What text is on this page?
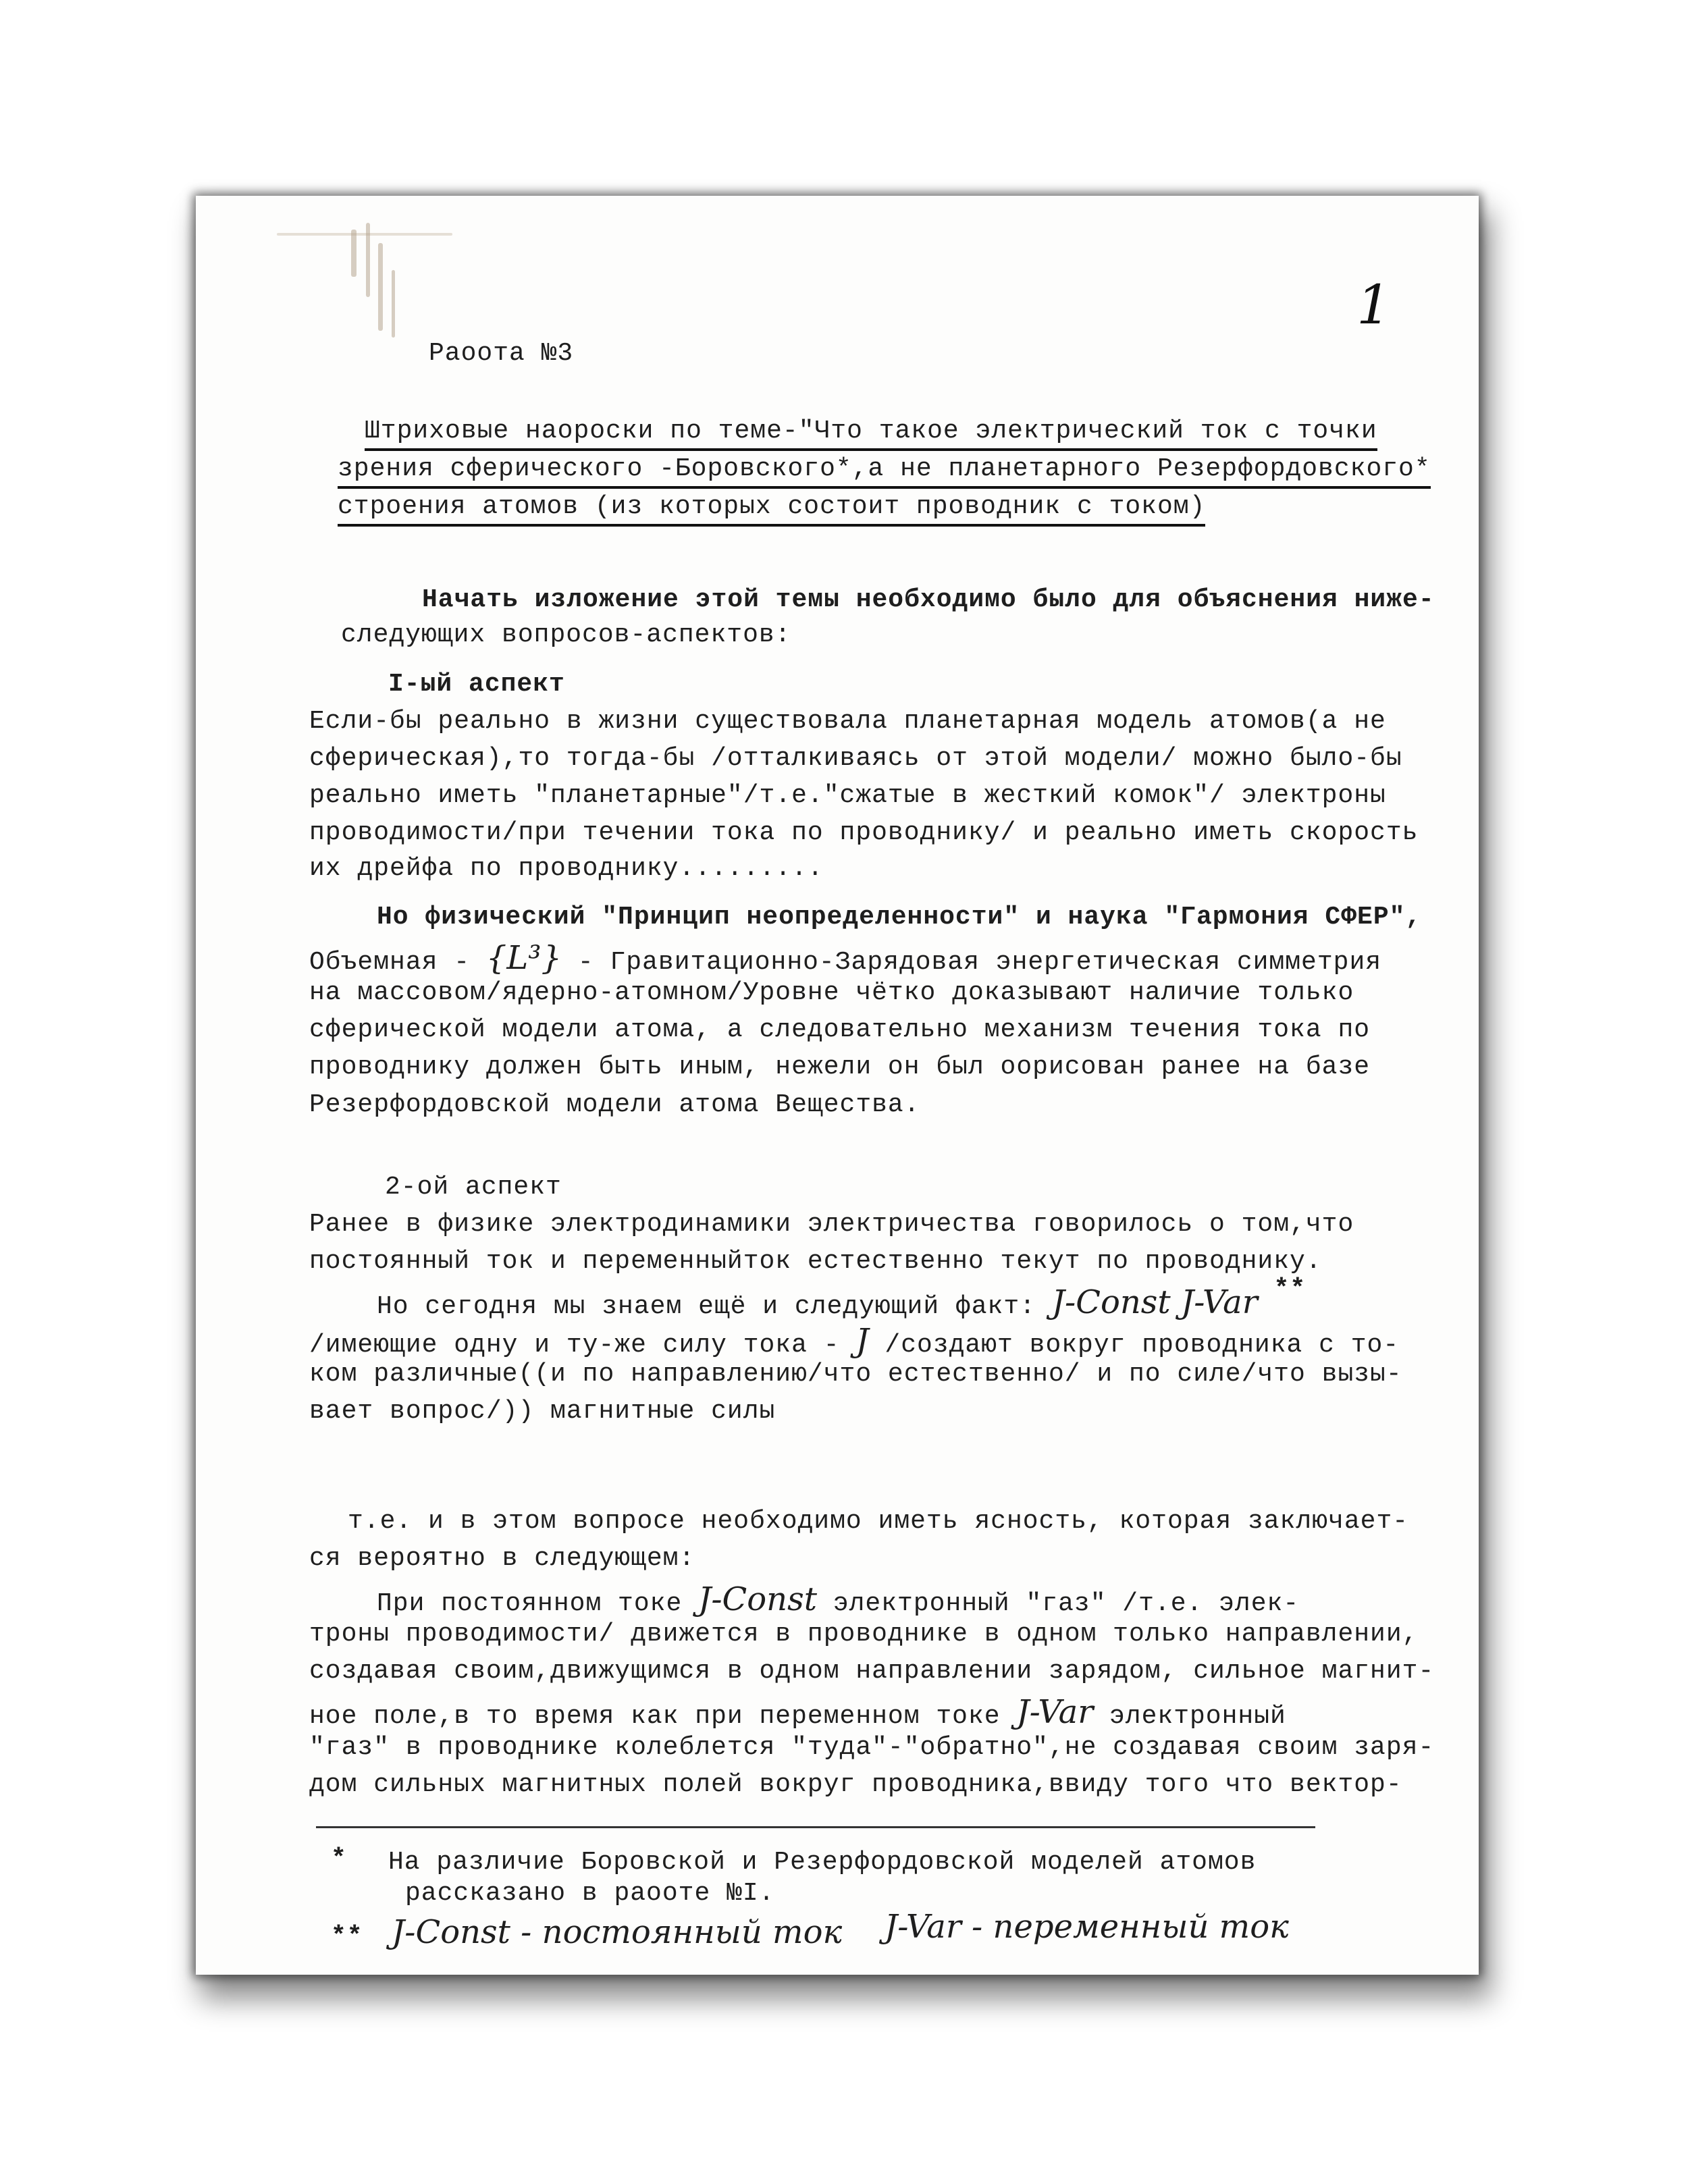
1
Раоота №3
Штриховые наороски по теме-"Что такое электрический ток с точки
зрения сферического -Боровского*,а не планетарного Резерфордовского*
строения атомов (из которых состоит проводник с током)
Начать изложение этой темы необходимо было для объяснения ниже-
следующих вопросов-аспектов:
I-ый аспект
Если-бы реально в жизни существовала планетарная модель атомов(а не
сферическая),то тогда-бы /отталкиваясь от этой модели/ можно было-бы
реально иметь "планетарные"/т.е."сжатые в жесткий комок"/ электроны
проводимости/при течении тока по проводнику/ и реально иметь скорость
их дрейфа по проводнику.........
Но физический "Принцип неопределенности" и наука "Гармония СФЕР",
Объемная - {L³} - Гравитационно-Зарядовая энергетическая симметрия
на массовом/ядерно-атомном/Уровне чётко доказывают наличие только
сферической модели атома, а следовательно механизм течения тока по
проводнику должен быть иным, нежели он был оорисован ранее на базе
Резерфордовской модели атома Вещества.
2-ой аспект
Ранее в физике электродинамики электричества говорилось о том,что
постоянный ток и переменныйток естественно текут по проводнику.
Но сегодня мы знаем ещё и следующий факт: J-Const J-Var **
/имеющие одну и ту-же силу тока - J /создают вокруг проводника с то-
ком различные((и по направлению/что естественно/ и по силе/что вызы-
вает вопрос/)) магнитные силы
т.е. и в этом вопросе необходимо иметь ясность, которая заключает-
ся вероятно в следующем:
При постоянном токе J-Const электронный "газ" /т.е. элек-
троны проводимости/ движется в проводнике в одном только направлении,
создавая своим,движущимся в одном направлении зарядом, сильное магнит-
ное поле,в то время как при переменном токе J-Var электронный
"газ" в проводнике колеблется "туда"-"обратно",не создавая своим заря-
дом сильных магнитных полей вокруг проводника,ввиду того что вектор-
* На различие Боровской и Резерфордовской моделей атомов
рассказано в раооте №I.
** J-Const - постоянный ток J-Var - переменный ток
